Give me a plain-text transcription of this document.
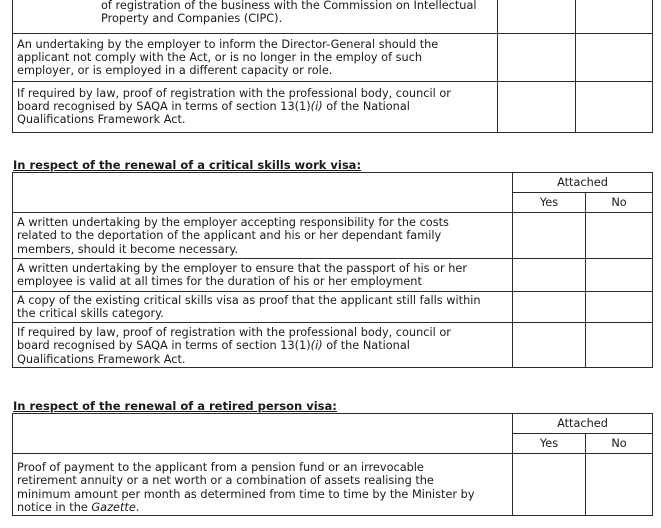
of registration of the business with the Commission on Intellectual
Property and Companies (CIPC).		

An undertaking by the employer to inform the Director-General should the
applicant not comply with the Act, or is no longer in the employ of such
employer, or is employed in a different capacity or role.		

If required by law, proof of registration with the professional body, council or
board recognised by SAQA in terms of section 13(1)(i) of the National
Qualifications Framework Act.		

In respect of the renewal of a critical skills work visa:
	Attached	
	Yes	No

A written undertaking by the employer accepting responsibility for the costs
related to the deportation of the applicant and his or her dependant family
members, should it become necessary.		

A written undertaking by the employer to ensure that the passport of his or her
employee is valid at all times for the duration of his or her employment		

A copy of the existing critical skills visa as proof that the applicant still falls within
the critical skills category.		

If required by law, proof of registration with the professional body, council or
board recognised by SAQA in terms of section 13(1)(i) of the National
Qualifications Framework Act.		

In respect of the renewal of a retired person visa:
	Attached	
	Yes	No

Proof of payment to the applicant from a pension fund or an irrevocable
retirement annuity or a net worth or a combination of assets realising the
minimum amount per month as determined from time to time by the Minister by
notice in the Gazette.		
